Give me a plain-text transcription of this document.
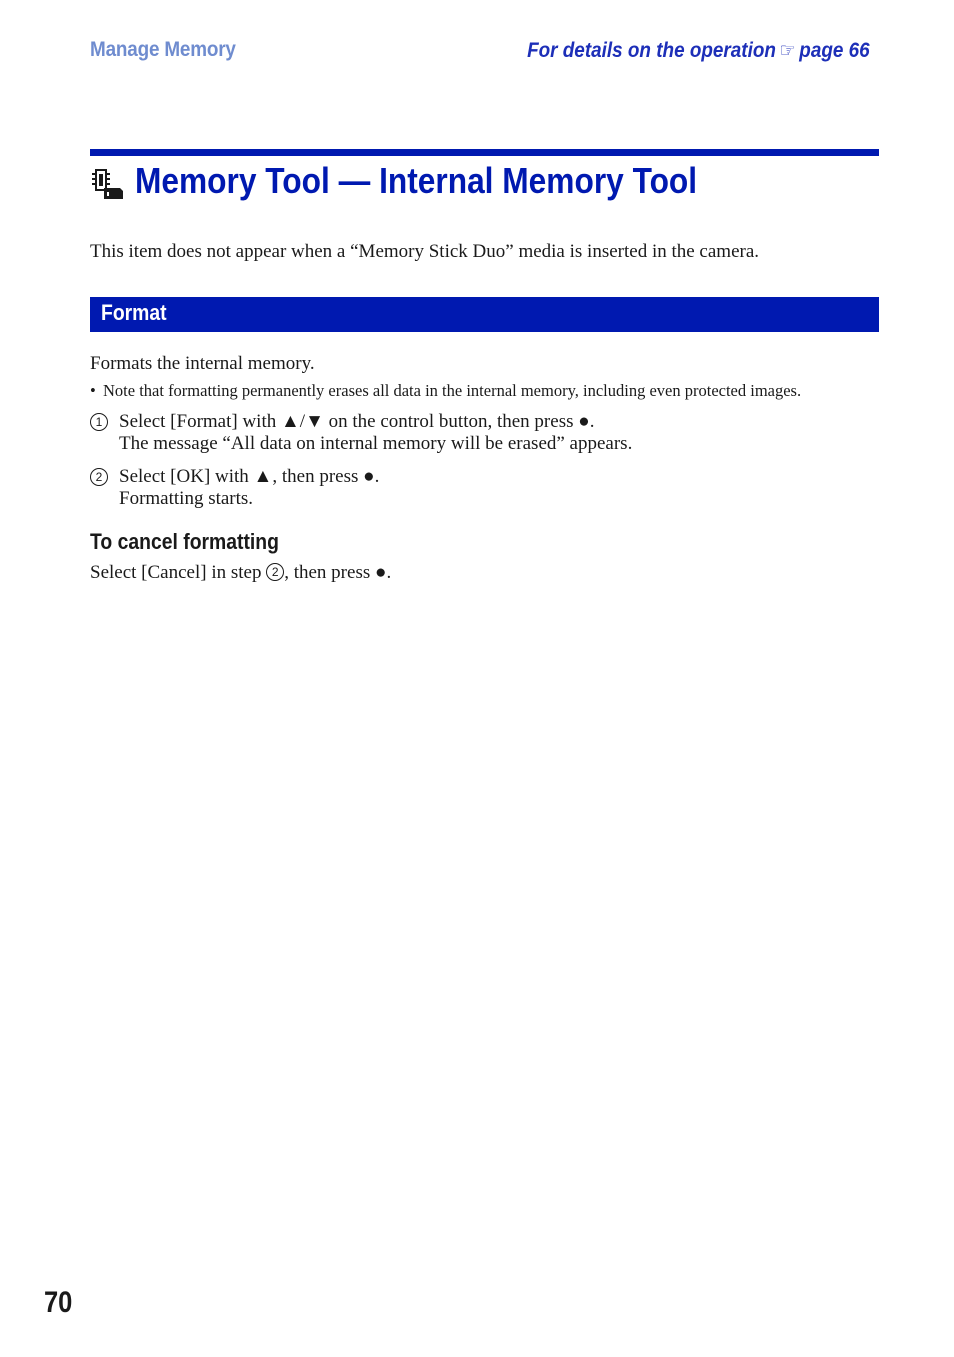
Manage Memory	For details on the operation ☞ page 66
Memory Tool — Internal Memory Tool
This item does not appear when a “Memory Stick Duo” media is inserted in the camera.
Format
Formats the internal memory.
• Note that formatting permanently erases all data in the internal memory, including even protected images.
1 Select [Format] with ▲/▼ on the control button, then press ●.
The message “All data on internal memory will be erased” appears.
2 Select [OK] with ▲, then press ●.
Formatting starts.
To cancel formatting
Select [Cancel] in step 2 , then press ●.
70
